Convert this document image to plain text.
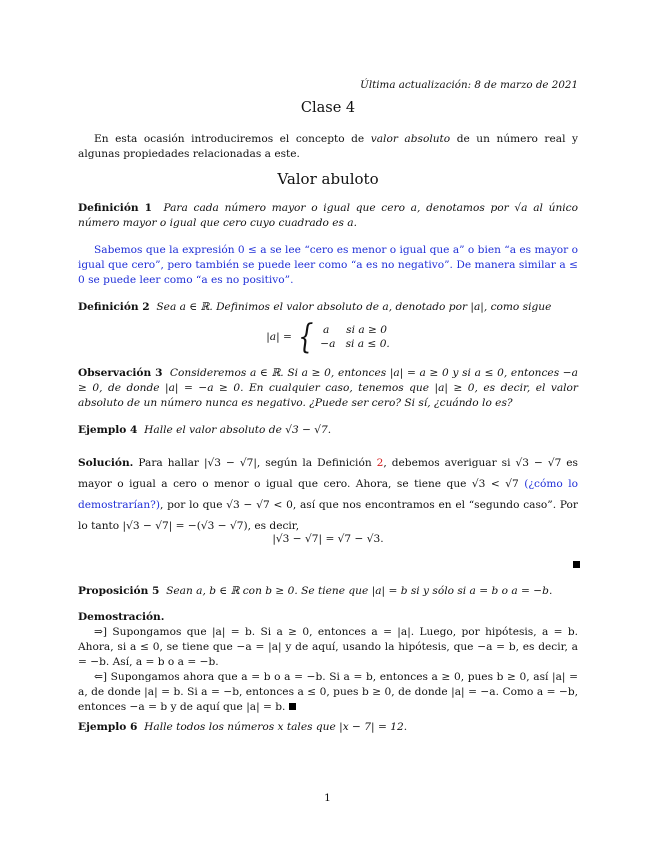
Última actualización: 8 de marzo de 2021
Clase 4

En esta ocasión introduciremos el concepto de valor absoluto de un número real y algunas propiedades relacionadas a este.

Valor abuloto

Definición 1 Para cada número mayor o igual que cero a, denotamos por √a al único número mayor o igual que cero cuyo cuadrado es a.

Sabemos que la expresión 0 ≤ a se lee “cero es menor o igual que a” o bien “a es mayor o igual que cero”, pero también se puede leer como “a es no negativo”. De manera similar a ≤ 0 se puede leer como “a es no positivo”.

Definición 2 Sea a ∈ ℝ. Definimos el valor absoluto de a, denotado por |a|, como sigue

|a| = { a     si a ≥ 0
−a   si a ≤ 0.

Observación 3 Consideremos a ∈ ℝ. Si a ≥ 0, entonces |a| = a ≥ 0 y si a ≤ 0, entonces −a ≥ 0, de donde |a| = −a ≥ 0. En cualquier caso, tenemos que |a| ≥ 0, es decir, el valor absoluto de un número nunca es negativo. ¿Puede ser cero? Si sí, ¿cuándo lo es?

Ejemplo 4 Halle el valor absoluto de √3 − √7.

Solución. Para hallar |√3 − √7|, según la Definición 2, debemos averiguar si √3 − √7 es mayor o igual a cero o menor o igual que cero. Ahora, se tiene que √3 < √7 (¿cómo lo demostrarían?), por lo que √3 − √7 < 0, así que nos encontramos en el “segundo caso”. Por lo tanto |√3 − √7| = −(√3 − √7), es decir,

|√3 − √7| = √7 − √3.

Proposición 5 Sean a, b ∈ ℝ con b ≥ 0. Se tiene que |a| = b si y sólo si a = b o a = −b.

Demostración.

⇒] Supongamos que |a| = b. Si a ≥ 0, entonces a = |a|. Luego, por hipótesis, a = b. Ahora, si a ≤ 0, se tiene que −a = |a| y de aquí, usando la hipótesis, que −a = b, es decir, a = −b. Así, a = b o a = −b.

⇐] Supongamos ahora que a = b o a = −b. Si a = b, entonces a ≥ 0, pues b ≥ 0, así |a| = a, de donde |a| = b. Si a = −b, entonces a ≤ 0, pues b ≥ 0, de donde |a| = −a. Como a = −b, entonces −a = b y de aquí que |a| = b.

Ejemplo 6 Halle todos los números x tales que |x − 7| = 12.

1
